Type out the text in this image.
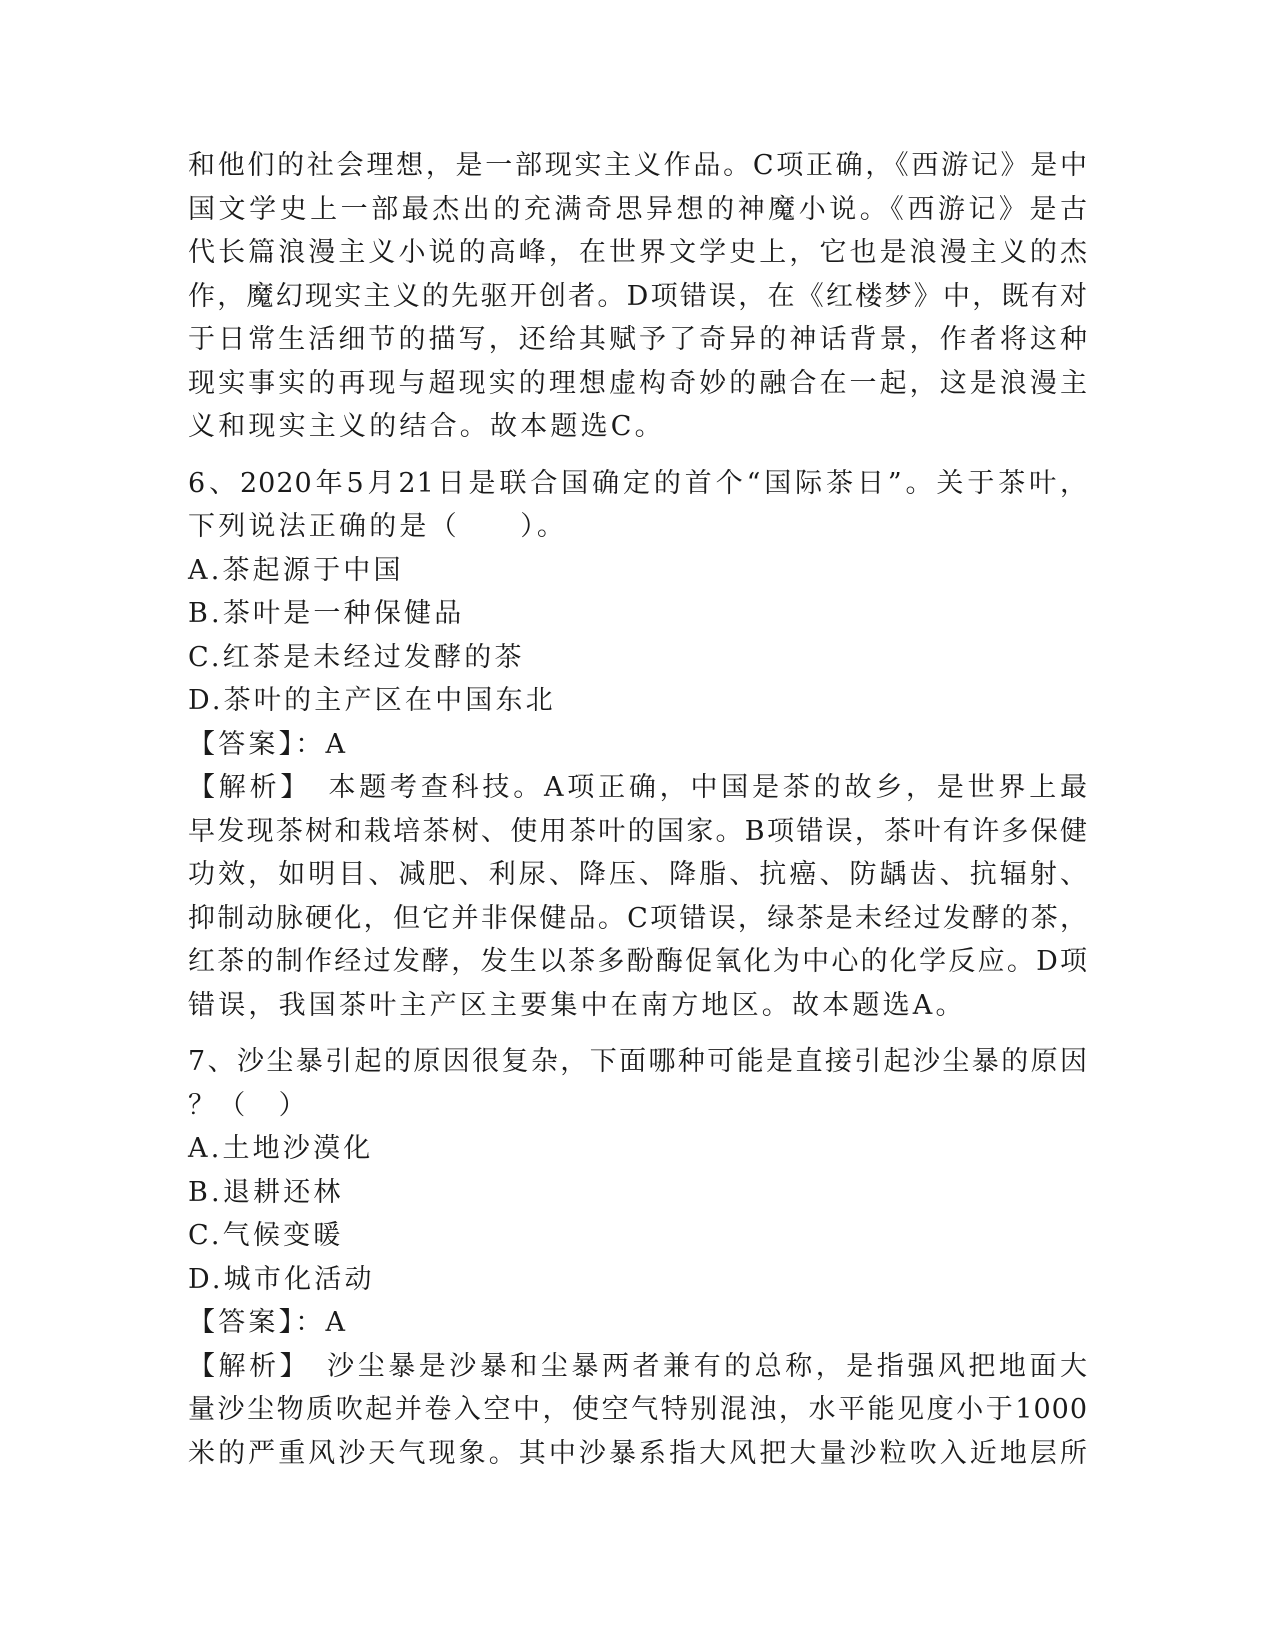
和他们的社会理想，是一部现实主义作品。C项正确，《西游记》是中
国文学史上一部最杰出的充满奇思异想的神魔小说。《西游记》是古
代长篇浪漫主义小说的高峰，在世界文学史上，它也是浪漫主义的杰
作，魔幻现实主义的先驱开创者。D项错误，在《红楼梦》中，既有对
于日常生活细节的描写，还给其赋予了奇异的神话背景，作者将这种
现实事实的再现与超现实的理想虚构奇妙的融合在一起，这是浪漫主
义和现实主义的结合。故本题选C。
6、2020年5月21日是联合国确定的首个“国际茶日”。关于茶叶，
下列说法正确的是（　　）。
A.茶起源于中国
B.茶叶是一种保健品
C.红茶是未经过发酵的茶
D.茶叶的主产区在中国东北
【答案】：A
【解析】　本题考查科技。A项正确，中国是茶的故乡，是世界上最
早发现茶树和栽培茶树、使用茶叶的国家。B项错误，茶叶有许多保健
功效，如明目、减肥、利尿、降压、降脂、抗癌、防龋齿、抗辐射、
抑制动脉硬化，但它并非保健品。C项错误，绿茶是未经过发酵的茶，
红茶的制作经过发酵，发生以茶多酚酶促氧化为中心的化学反应。D项
错误，我国茶叶主产区主要集中在南方地区。故本题选A。
7、沙尘暴引起的原因很复杂，下面哪种可能是直接引起沙尘暴的原因
？（　）
A.土地沙漠化
B.退耕还林
C.气候变暖
D.城市化活动
【答案】：A
【解析】　沙尘暴是沙暴和尘暴两者兼有的总称，是指强风把地面大
量沙尘物质吹起并卷入空中，使空气特别混浊，水平能见度小于1000
米的严重风沙天气现象。其中沙暴系指大风把大量沙粒吹入近地层所
